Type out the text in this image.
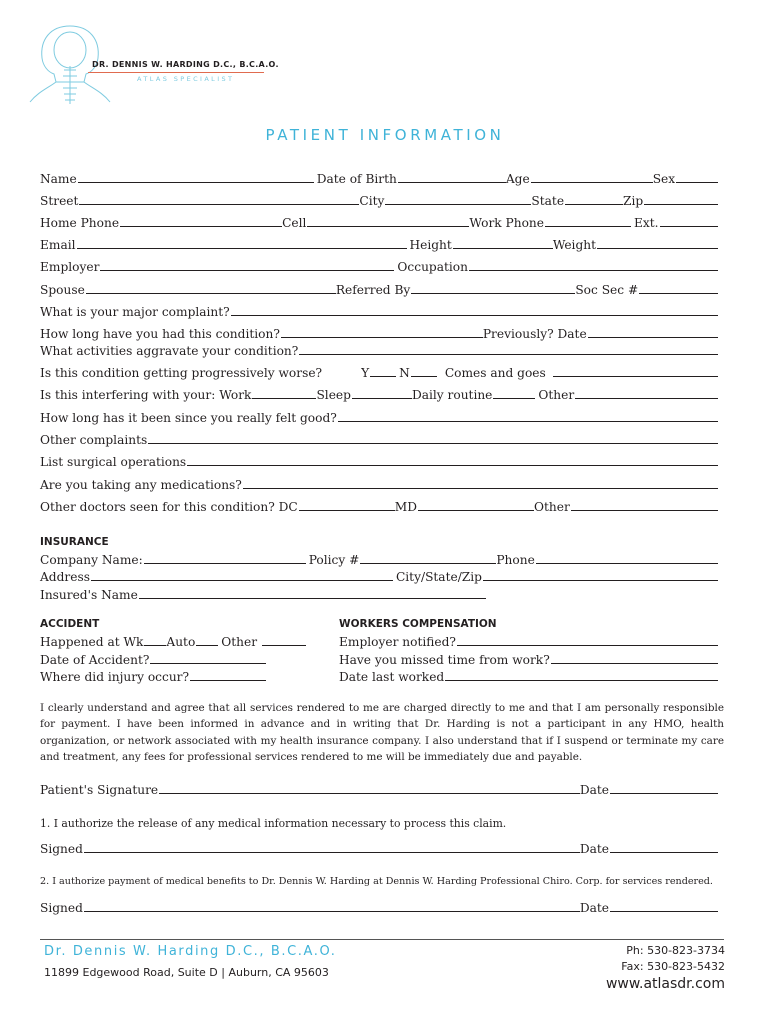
DR. DENNIS W. HARDING D.C., B.C.A.O.
ATLAS SPECIALIST
PATIENT INFORMATION
Name	Date of Birth	Age	Sex
Street	City	State	Zip
Home Phone	Cell	Work Phone	Ext.
Email	Height	Weight
Employer	Occupation
Spouse	Referred By	Soc Sec #
What is your major complaint?
How long have you had this condition?	Previously? Date
What activities aggravate your condition?
Is this condition getting progressively worse?	Y N	Comes and goes
Is this interfering with your: Work	Sleep	Daily routine	Other
How long has it been since you really felt good?
Other complaints
List surgical operations
Are you taking any medications?
Other doctors seen for this condition? DC	MD	Other
INSURANCE
Company Name:	Policy #	Phone
Address	City/State/Zip
Insured's Name
ACCIDENT
Happened at Wk Auto Other
Date of Accident?
Where did injury occur?
WORKERS COMPENSATION
Employer notified?
Have you missed time from work?
Date last worked
I clearly understand and agree that all services rendered to me are charged directly to me and that I am personally responsible for payment. I have been informed in advance and in writing that Dr. Harding is not a participant in any HMO, health organization, or network associated with my health insurance company. I also understand that if I suspend or terminate my care and treatment, any fees for professional services rendered to me will be immediately due and payable.
Patient's Signature	Date
1. I authorize the release of any medical information necessary to process this claim.
Signed	Date
2. I authorize payment of medical benefits to Dr. Dennis W. Harding at Dennis W. Harding Professional Chiro. Corp. for services rendered.
Signed	Date
Dr. Dennis W. Harding D.C., B.C.A.O.
11899 Edgewood Road, Suite D | Auburn, CA 95603
Ph: 530-823-3734
Fax: 530-823-5432
www.atlasdr.com
